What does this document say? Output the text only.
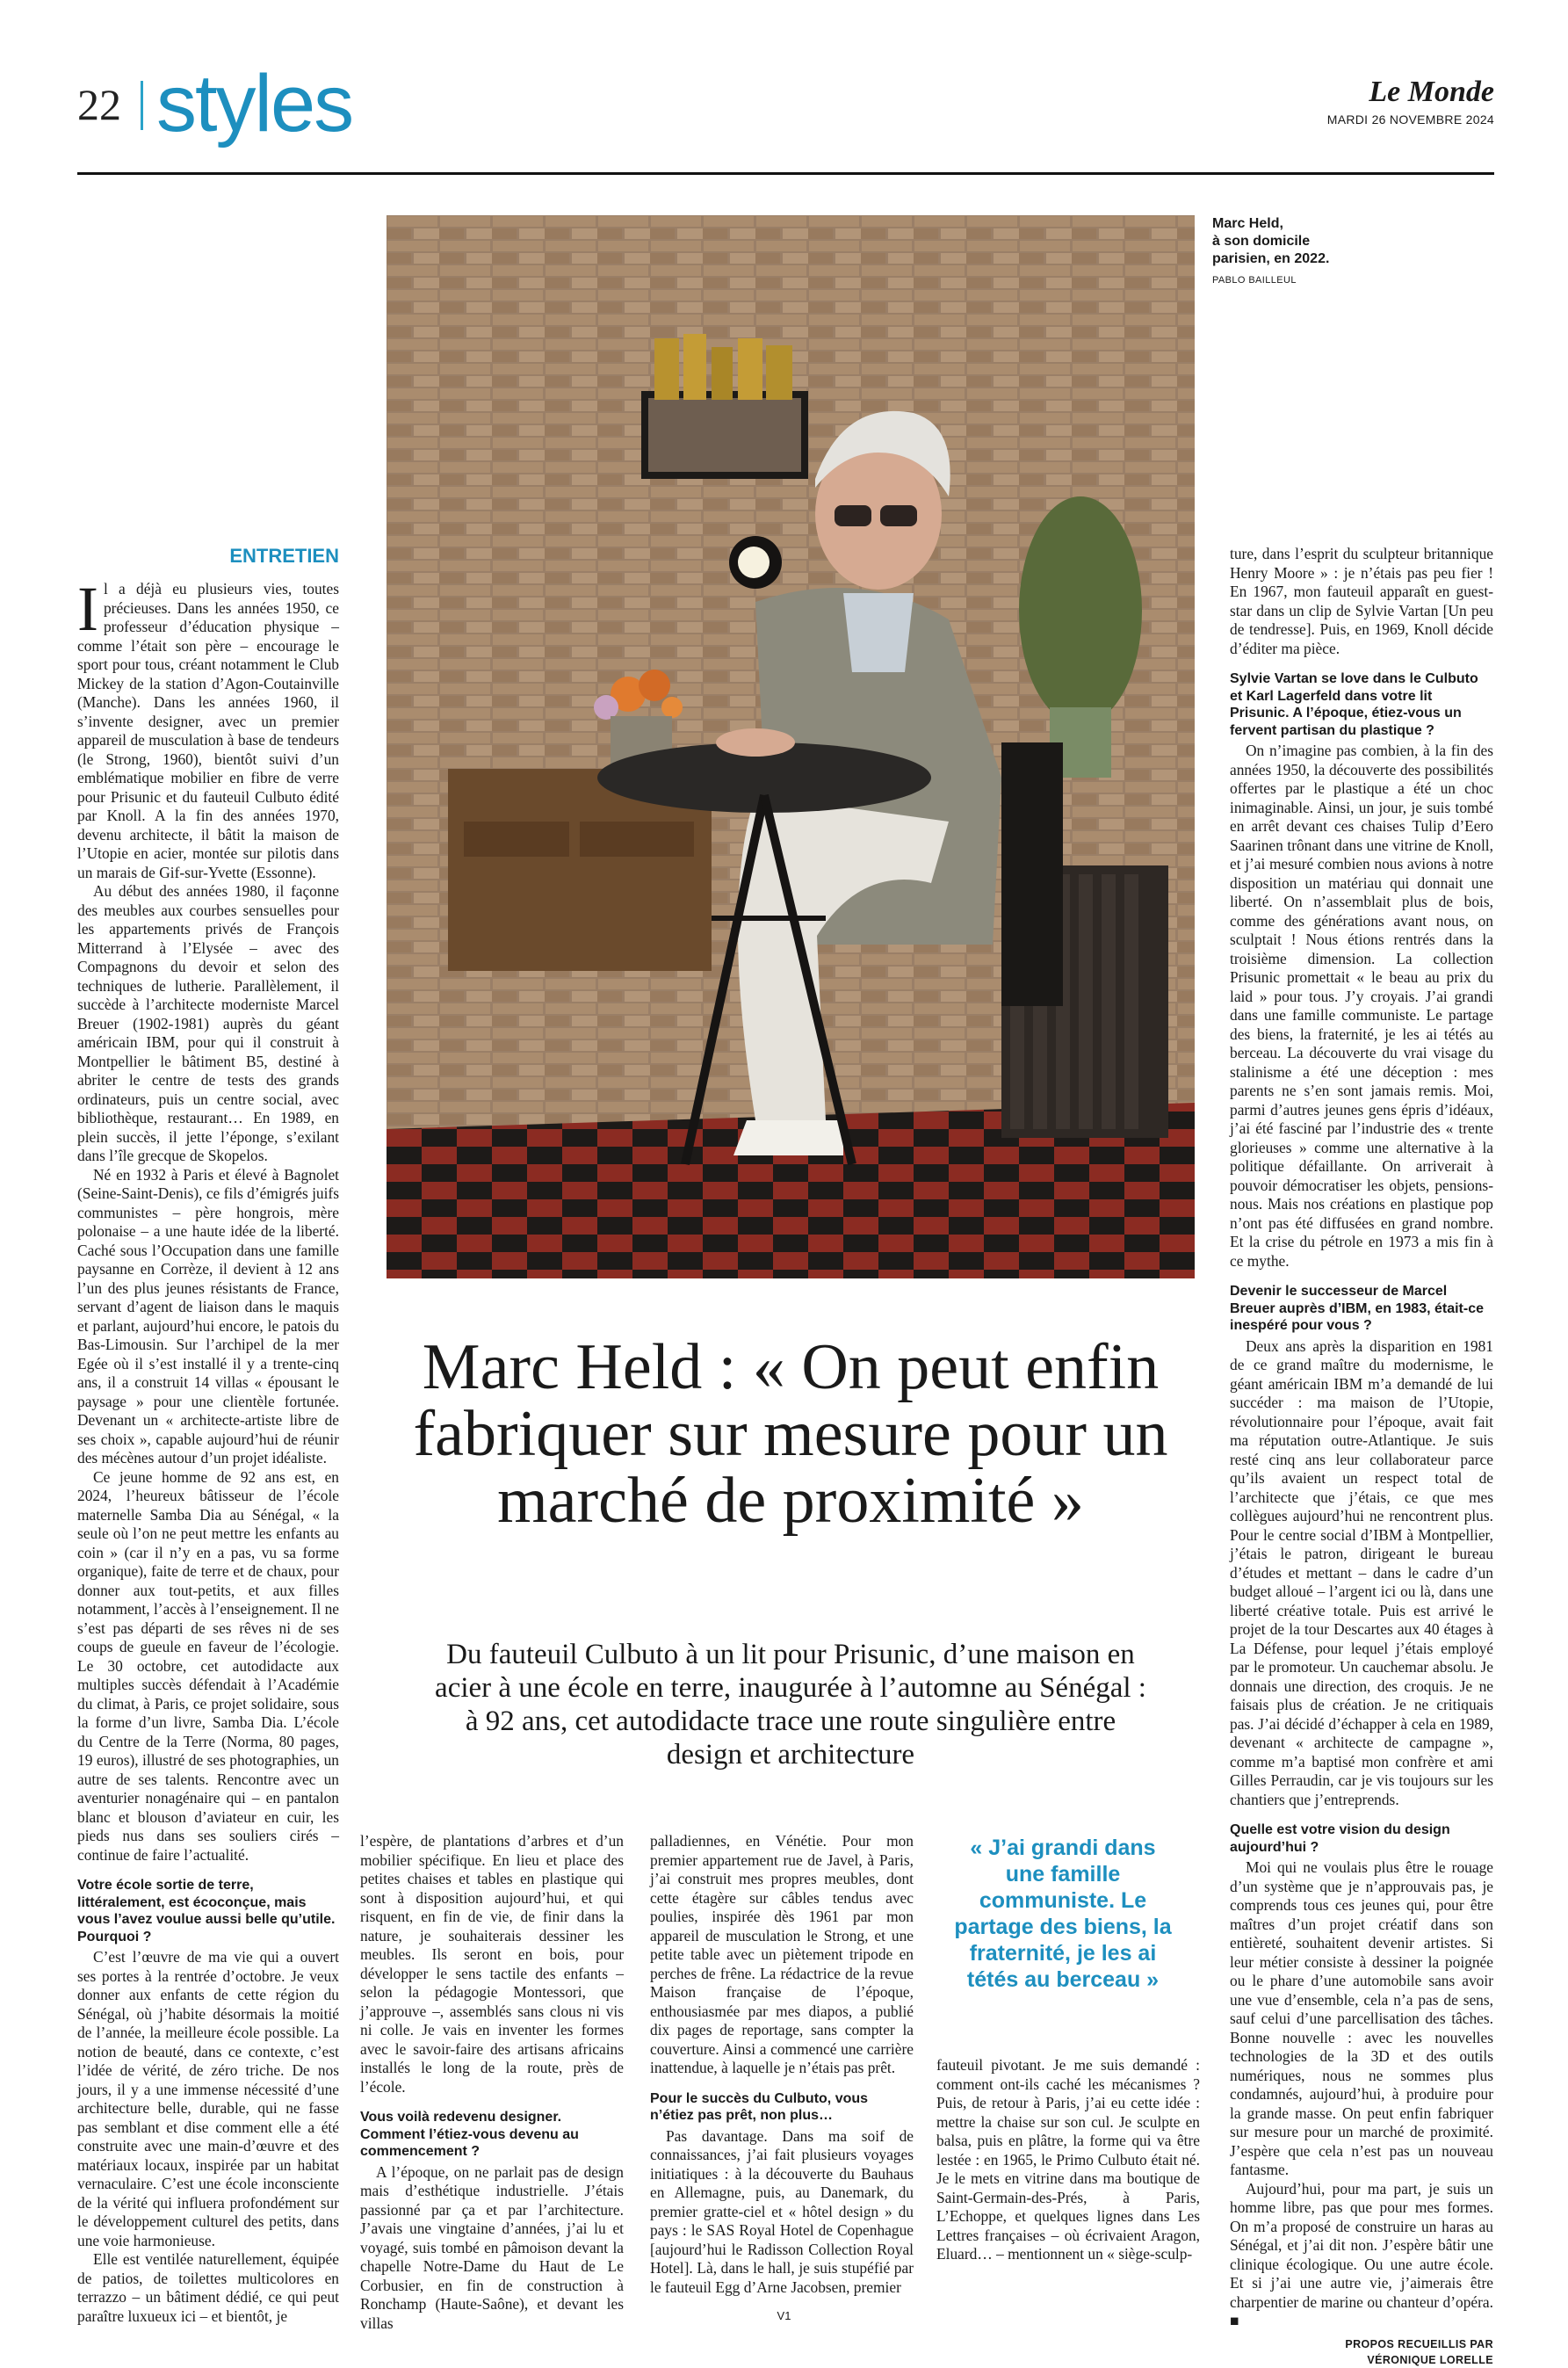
22 styles	Le Monde
MARDI 26 NOVEMBRE 2024
Marc Held,
à son domicile
parisien, en 2022.
PABLO BAILLEUL
ENTRETIEN

Il a déjà eu plusieurs vies, toutes précieuses. Dans les années 1950, ce professeur d’éducation physique – comme l’était son père – encourage le sport pour tous, créant notamment le Club Mickey de la station d’Agon-Coutainville (Manche). Dans les années 1960, il s’invente designer, avec un premier appareil de musculation à base de tendeurs (le Strong, 1960), bientôt suivi d’un emblématique mobilier en fibre de verre pour Prisunic et du fauteuil Culbuto édité par Knoll. A la fin des années 1970, devenu architecte, il bâtit la maison de l’Utopie en acier, montée sur pilotis dans un marais de Gif-sur-Yvette (Essonne).

Au début des années 1980, il façonne des meubles aux courbes sensuelles pour les appartements privés de François Mitterrand à l’Elysée – avec des Compagnons du devoir et selon des techniques de lutherie. Parallèlement, il succède à l’architecte moderniste Marcel Breuer (1902-1981) auprès du géant américain IBM, pour qui il construit à Montpellier le bâtiment B5, destiné à abriter le centre de tests des grands ordinateurs, puis un centre social, avec bibliothèque, restaurant… En 1989, en plein succès, il jette l’éponge, s’exilant dans l’île grecque de Skopelos.

Né en 1932 à Paris et élevé à Bagnolet (Seine-Saint-Denis), ce fils d’émigrés juifs communistes – père hongrois, mère polonaise – a une haute idée de la liberté. Caché sous l’Occupation dans une famille paysanne en Corrèze, il devient à 12 ans l’un des plus jeunes résistants de France, servant d’agent de liaison dans le maquis et parlant, aujourd’hui encore, le patois du Bas-Limousin. Sur l’archipel de la mer Egée où il s’est installé il y a trente-cinq ans, il a construit 14 villas « épousant le paysage » pour une clientèle fortunée. Devenant un « architecte-artiste libre de ses choix », capable aujourd’hui de réunir des mécènes autour d’un projet idéaliste.

Ce jeune homme de 92 ans est, en 2024, l’heureux bâtisseur de l’école maternelle Samba Dia au Sénégal, « la seule où l’on ne peut mettre les enfants au coin » (car il n’y en a pas, vu sa forme organique), faite de terre et de chaux, pour donner aux tout-petits, et aux filles notamment, l’accès à l’enseignement. Il ne s’est pas départi de ses rêves ni de ses coups de gueule en faveur de l’écologie. Le 30 octobre, cet autodidacte aux multiples succès défendait à l’Académie du climat, à Paris, ce projet solidaire, sous la forme d’un livre, Samba Dia. L’école du Centre de la Terre (Norma, 80 pages, 19 euros), illustré de ses photographies, un autre de ses talents. Rencontre avec un aventurier nonagénaire qui – en pantalon blanc et blouson d’aviateur en cuir, les pieds nus dans ses souliers cirés – continue de faire l’actualité.

Votre école sortie de terre, littéralement, est écoconçue, mais vous l’avez voulue aussi belle qu’utile. Pourquoi ?

C’est l’œuvre de ma vie qui a ouvert ses portes à la rentrée d’octobre. Je veux donner aux enfants de cette région du Sénégal, où j’habite désormais la moitié de l’année, la meilleure école possible. La notion de beauté, dans ce contexte, c’est l’idée de vérité, de zéro triche. De nos jours, il y a une immense nécessité d’une architecture belle, durable, qui ne fasse pas semblant et dise comment elle a été construite avec une main-d’œuvre et des matériaux locaux, inspirée par un habitat vernaculaire. C’est une école inconsciente de la vérité qui influera profondément sur le développement culturel des petits, dans une voie harmonieuse.

Elle est ventilée naturellement, équipée de patios, de toilettes multicolores en terrazzo – un bâtiment dédié, ce qui peut paraître luxueux ici – et bientôt, je

Marc Held : « On peut enfin fabriquer sur mesure pour un marché de proximité »
Du fauteuil Culbuto à un lit pour Prisunic, d’une maison en acier à une école en terre, inaugurée à l’automne au Sénégal : à 92 ans, cet autodidacte trace une route singulière entre design et architecture

l’espère, de plantations d’arbres et d’un mobilier spécifique. En lieu et place des petites chaises et tables en plastique qui sont à disposition aujourd’hui, et qui risquent, en fin de vie, de finir dans la nature, je souhaiterais dessiner les meubles. Ils seront en bois, pour développer le sens tactile des enfants – selon la pédagogie Montessori, que j’approuve –, assemblés sans clous ni vis ni colle. Je vais en inventer les formes avec le savoir-faire des artisans africains installés le long de la route, près de l’école.

Vous voilà redevenu designer. Comment l’étiez-vous devenu au commencement ?

A l’époque, on ne parlait pas de design mais d’esthétique industrielle. J’étais passionné par ça et par l’architecture. J’avais une vingtaine d’années, j’ai lu et voyagé, suis tombé en pâmoison devant la chapelle Notre-Dame du Haut de Le Corbusier, en fin de construction à Ronchamp (Haute-Saône), et devant les villas

palladiennes, en Vénétie. Pour mon premier appartement rue de Javel, à Paris, j’ai construit mes propres meubles, dont cette étagère sur câbles tendus avec poulies, inspirée dès 1961 par mon appareil de musculation le Strong, et une petite table avec un piètement tripode en perches de frêne. La rédactrice de la revue Maison française de l’époque, enthousiasmée par mes diapos, a publié dix pages de reportage, sans compter la couverture. Ainsi a commencé une carrière inattendue, à laquelle je n’étais pas prêt.

Pour le succès du Culbuto, vous n’étiez pas prêt, non plus…

Pas davantage. Dans ma soif de connaissances, j’ai fait plusieurs voyages initiatiques : à la découverte du Bauhaus en Allemagne, puis, au Danemark, du premier gratte-ciel et « hôtel design » du pays : le SAS Royal Hotel de Copenhague [aujourd’hui le Radisson Collection Royal Hotel]. Là, dans le hall, je suis stupéfié par le fauteuil Egg d’Arne Jacobsen, premier

« J’ai grandi dans une famille communiste. Le partage des biens, la fraternité, je les ai tétés au berceau »

fauteuil pivotant. Je me suis demandé : comment ont-ils caché les mécanismes ? Puis, de retour à Paris, j’ai eu cette idée : mettre la chaise sur son cul. Je sculpte en balsa, puis en plâtre, la forme qui va être lestée : en 1965, le Primo Culbuto était né. Je le mets en vitrine dans ma boutique de Saint-Germain-des-Prés, à Paris, L’Echoppe, et quelques lignes dans Les Lettres françaises – où écrivaient Aragon, Eluard… – mentionnent un « siège-sculp-

ture, dans l’esprit du sculpteur britannique Henry Moore » : je n’étais pas peu fier ! En 1967, mon fauteuil apparaît en guest-star dans un clip de Sylvie Vartan [Un peu de tendresse]. Puis, en 1969, Knoll décide d’éditer ma pièce.

Sylvie Vartan se love dans le Culbuto et Karl Lagerfeld dans votre lit Prisunic. A l’époque, étiez-vous un fervent partisan du plastique ?

On n’imagine pas combien, à la fin des années 1950, la découverte des possibilités offertes par le plastique a été un choc inimaginable. Ainsi, un jour, je suis tombé en arrêt devant ces chaises Tulip d’Eero Saarinen trônant dans une vitrine de Knoll, et j’ai mesuré combien nous avions à notre disposition un matériau qui donnait une liberté. On n’assemblait plus de bois, comme des générations avant nous, on sculptait ! Nous étions rentrés dans la troisième dimension. La collection Prisunic promettait « le beau au prix du laid » pour tous. J’y croyais. J’ai grandi dans une famille communiste. Le partage des biens, la fraternité, je les ai tétés au berceau. La découverte du vrai visage du stalinisme a été une déception : mes parents ne s’en sont jamais remis. Moi, parmi d’autres jeunes gens épris d’idéaux, j’ai été fasciné par l’industrie des « trente glorieuses » comme une alternative à la politique défaillante. On arriverait à pouvoir démocratiser les objets, pensions-nous. Mais nos créations en plastique pop n’ont pas été diffusées en grand nombre. Et la crise du pétrole en 1973 a mis fin à ce mythe.

Devenir le successeur de Marcel Breuer auprès d’IBM, en 1983, était-ce inespéré pour vous ?

Deux ans après la disparition en 1981 de ce grand maître du modernisme, le géant américain IBM m’a demandé de lui succéder : ma maison de l’Utopie, révolutionnaire pour l’époque, avait fait ma réputation outre-Atlantique. Je suis resté cinq ans leur collaborateur parce qu’ils avaient un respect total de l’architecte que j’étais, ce que mes collègues aujourd’hui ne rencontrent plus. Pour le centre social d’IBM à Montpellier, j’étais le patron, dirigeant le bureau d’études et mettant – dans le cadre d’un budget alloué – l’argent ici ou là, dans une liberté créative totale. Puis est arrivé le projet de la tour Descartes aux 40 étages à La Défense, pour lequel j’étais employé par le promoteur. Un cauchemar absolu. Je donnais une direction, des croquis. Je ne faisais plus de création. Je ne critiquais pas. J’ai décidé d’échapper à cela en 1989, devenant « architecte de campagne », comme m’a baptisé mon confrère et ami Gilles Perraudin, car je vis toujours sur les chantiers que j’entreprends.

Quelle est votre vision du design aujourd’hui ?

Moi qui ne voulais plus être le rouage d’un système que je n’approuvais pas, je comprends tous ces jeunes qui, pour être maîtres d’un projet créatif dans son entièreté, souhaitent devenir artistes. Si leur métier consiste à dessiner la poignée ou le phare d’une automobile sans avoir une vue d’ensemble, cela n’a pas de sens, sauf celui d’une parcellisation des tâches. Bonne nouvelle : avec les nouvelles technologies de la 3D et des outils numériques, nous ne sommes plus condamnés, aujourd’hui, à produire pour la grande masse. On peut enfin fabriquer sur mesure pour un marché de proximité. J’espère que cela n’est pas un nouveau fantasme.

Aujourd’hui, pour ma part, je suis un homme libre, pas que pour mes formes. On m’a proposé de construire un haras au Sénégal, et j’ai dit non. J’espère bâtir une clinique écologique. Ou une autre école. Et si j’ai une autre vie, j’aimerais être charpentier de marine ou chanteur d’opéra. ■

PROPOS RECUEILLIS PAR
VÉRONIQUE LORELLE
V1
